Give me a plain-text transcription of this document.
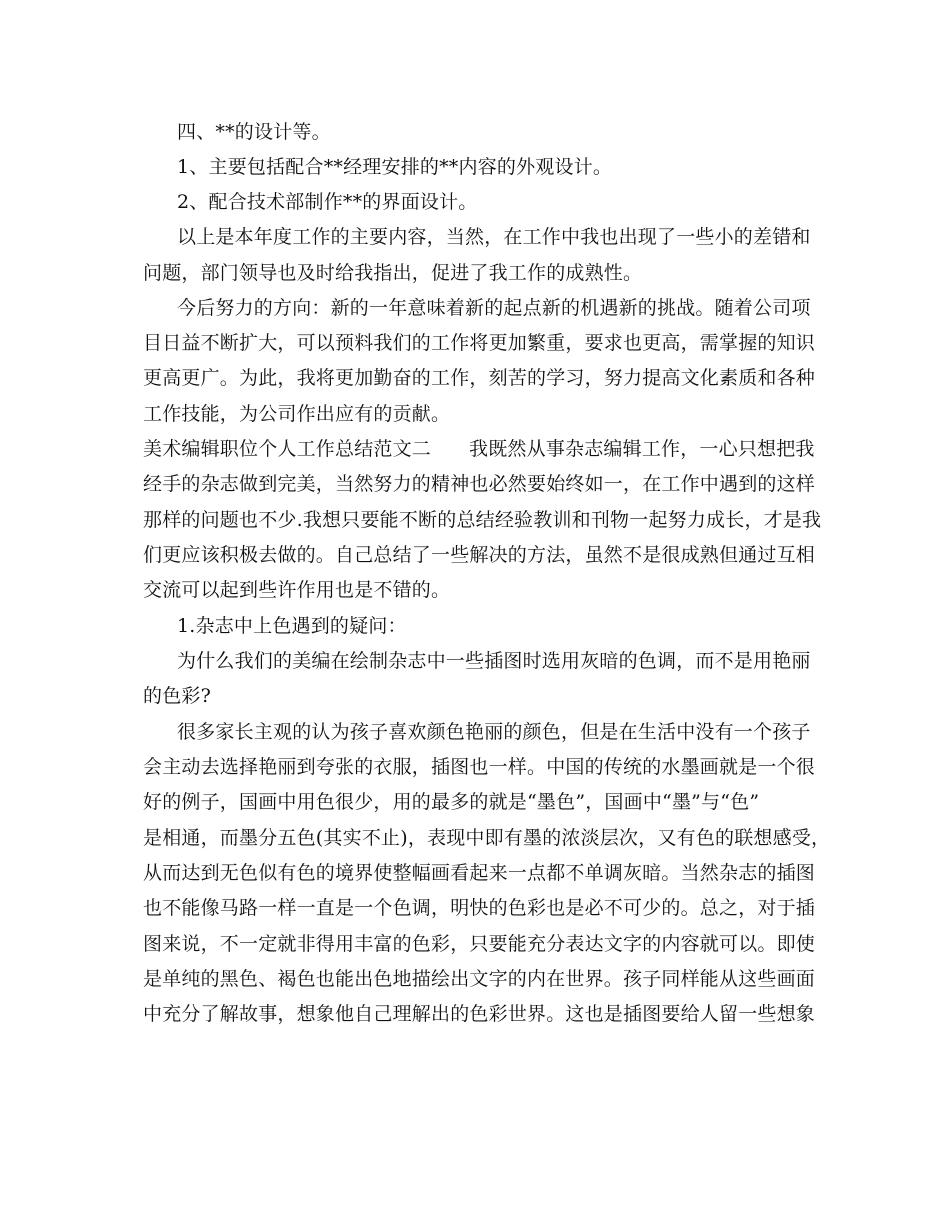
四、**的设计等。
1、主要包括配合**经理安排的**内容的外观设计。
2、配合技术部制作**的界面设计。
以上是本年度工作的主要内容，当然，在工作中我也出现了一些小的差错和
问题，部门领导也及时给我指出，促进了我工作的成熟性。
今后努力的方向：新的一年意味着新的起点新的机遇新的挑战。随着公司项
目日益不断扩大，可以预料我们的工作将更加繁重，要求也更高，需掌握的知识
更高更广。为此，我将更加勤奋的工作，刻苦的学习，努力提高文化素质和各种
工作技能，为公司作出应有的贡献。
美术编辑职位个人工作总结范文二 我既然从事杂志编辑工作，一心只想把我
经手的杂志做到完美，当然努力的精神也必然要始终如一，在工作中遇到的这样
那样的问题也不少.我想只要能不断的总结经验教训和刊物一起努力成长，才是我
们更应该积极去做的。自己总结了一些解决的方法，虽然不是很成熟但通过互相
交流可以起到些许作用也是不错的。
1.杂志中上色遇到的疑问：
为什么我们的美编在绘制杂志中一些插图时选用灰暗的色调，而不是用艳丽
的色彩?
很多家长主观的认为孩子喜欢颜色艳丽的颜色，但是在生活中没有一个孩子
会主动去选择艳丽到夸张的衣服，插图也一样。中国的传统的水墨画就是一个很
好的例子，国画中用色很少，用的最多的就是“墨色”，国画中“墨”与“色”
是相通，而墨分五色(其实不止)，表现中即有墨的浓淡层次，又有色的联想感受，
从而达到无色似有色的境界使整幅画看起来一点都不单调灰暗。当然杂志的插图
也不能像马路一样一直是一个色调，明快的色彩也是必不可少的。总之，对于插
图来说，不一定就非得用丰富的色彩，只要能充分表达文字的内容就可以。即使
是单纯的黑色、褐色也能出色地描绘出文字的内在世界。孩子同样能从这些画面
中充分了解故事，想象他自己理解出的色彩世界。这也是插图要给人留一些想象
